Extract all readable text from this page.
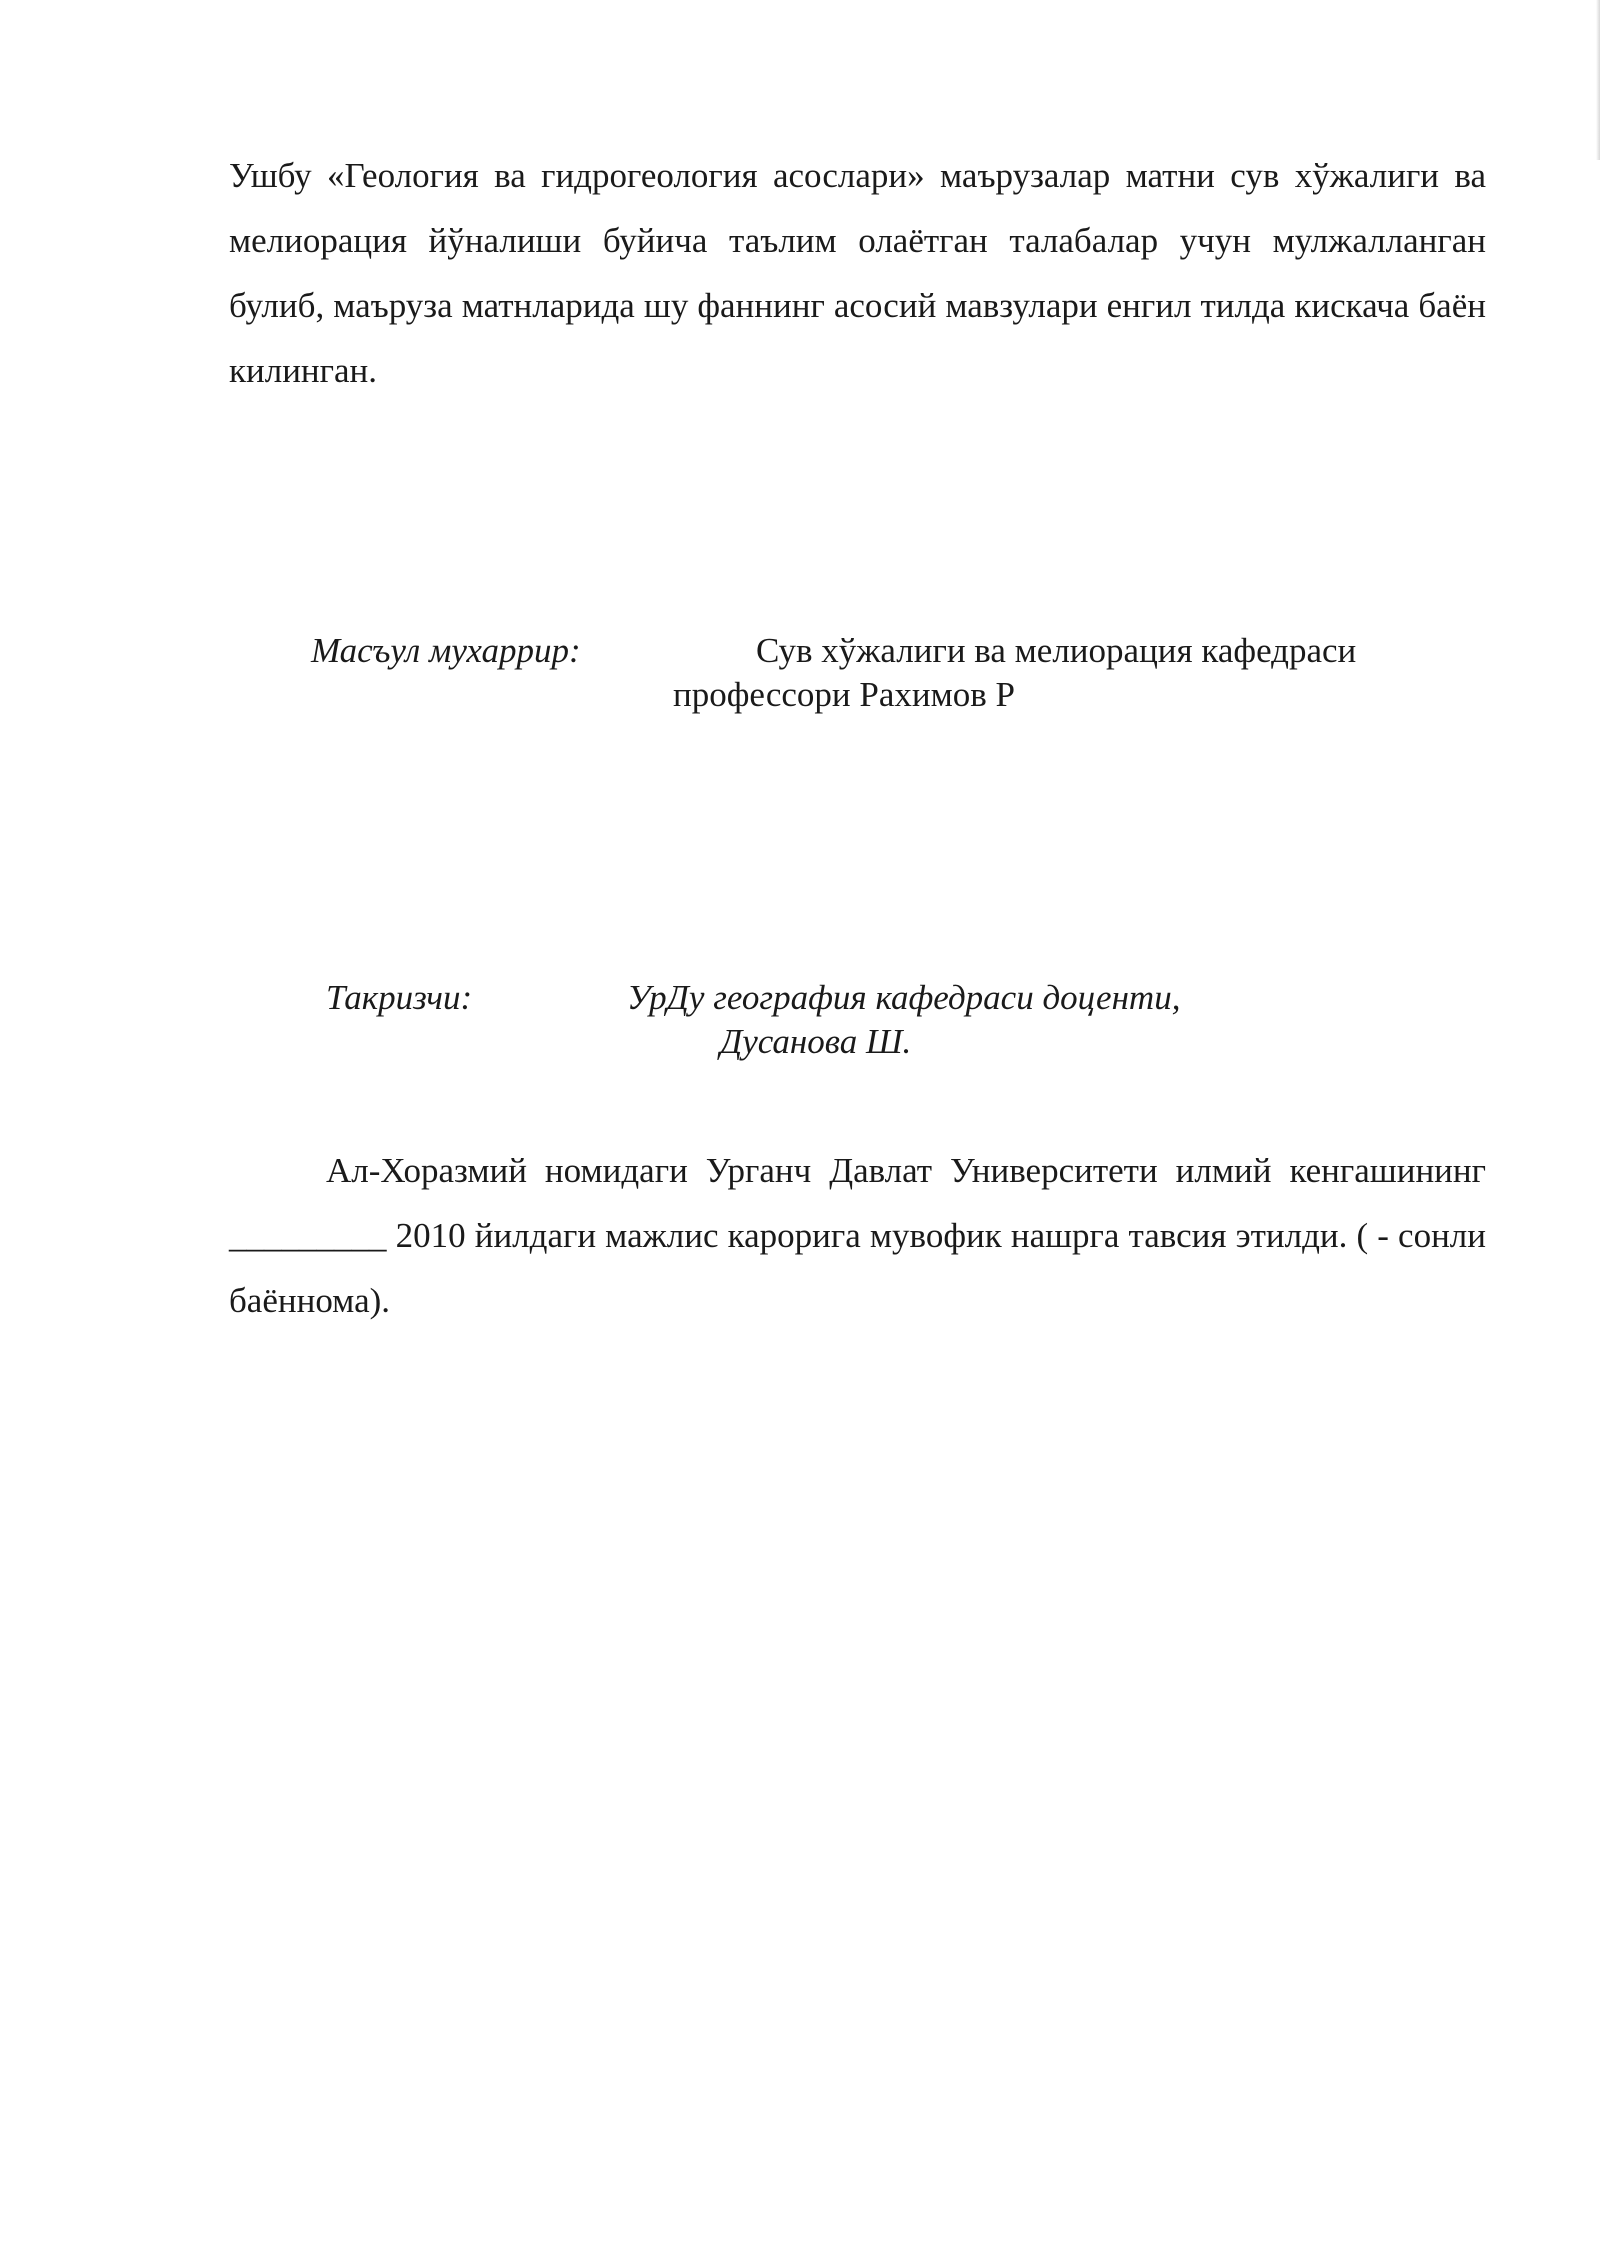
Ушбу «Геология ва гидрогеология асослари» маърузалар матни сув хўжалиги ва мелиорация йўналиши буйича таълим олаётган талабалар учун мулжалланган булиб, маъруза матнларида шу фаннинг асосий мавзулари енгил тилда кискача баён килинган.

Масъул мухаррир:	Сув хўжалиги ва мелиорация кафедраси
профессори Рахимов Р
Такризчи:	УрДу география кафедраси доценти,
Дусанова Ш.

Ал-Хоразмий номидаги Урганч Давлат Университети илмий кенгашининг _________ 2010 йилдаги мажлис карорига мувофик нашрга тавсия этилди. ( - сонли баённома).
